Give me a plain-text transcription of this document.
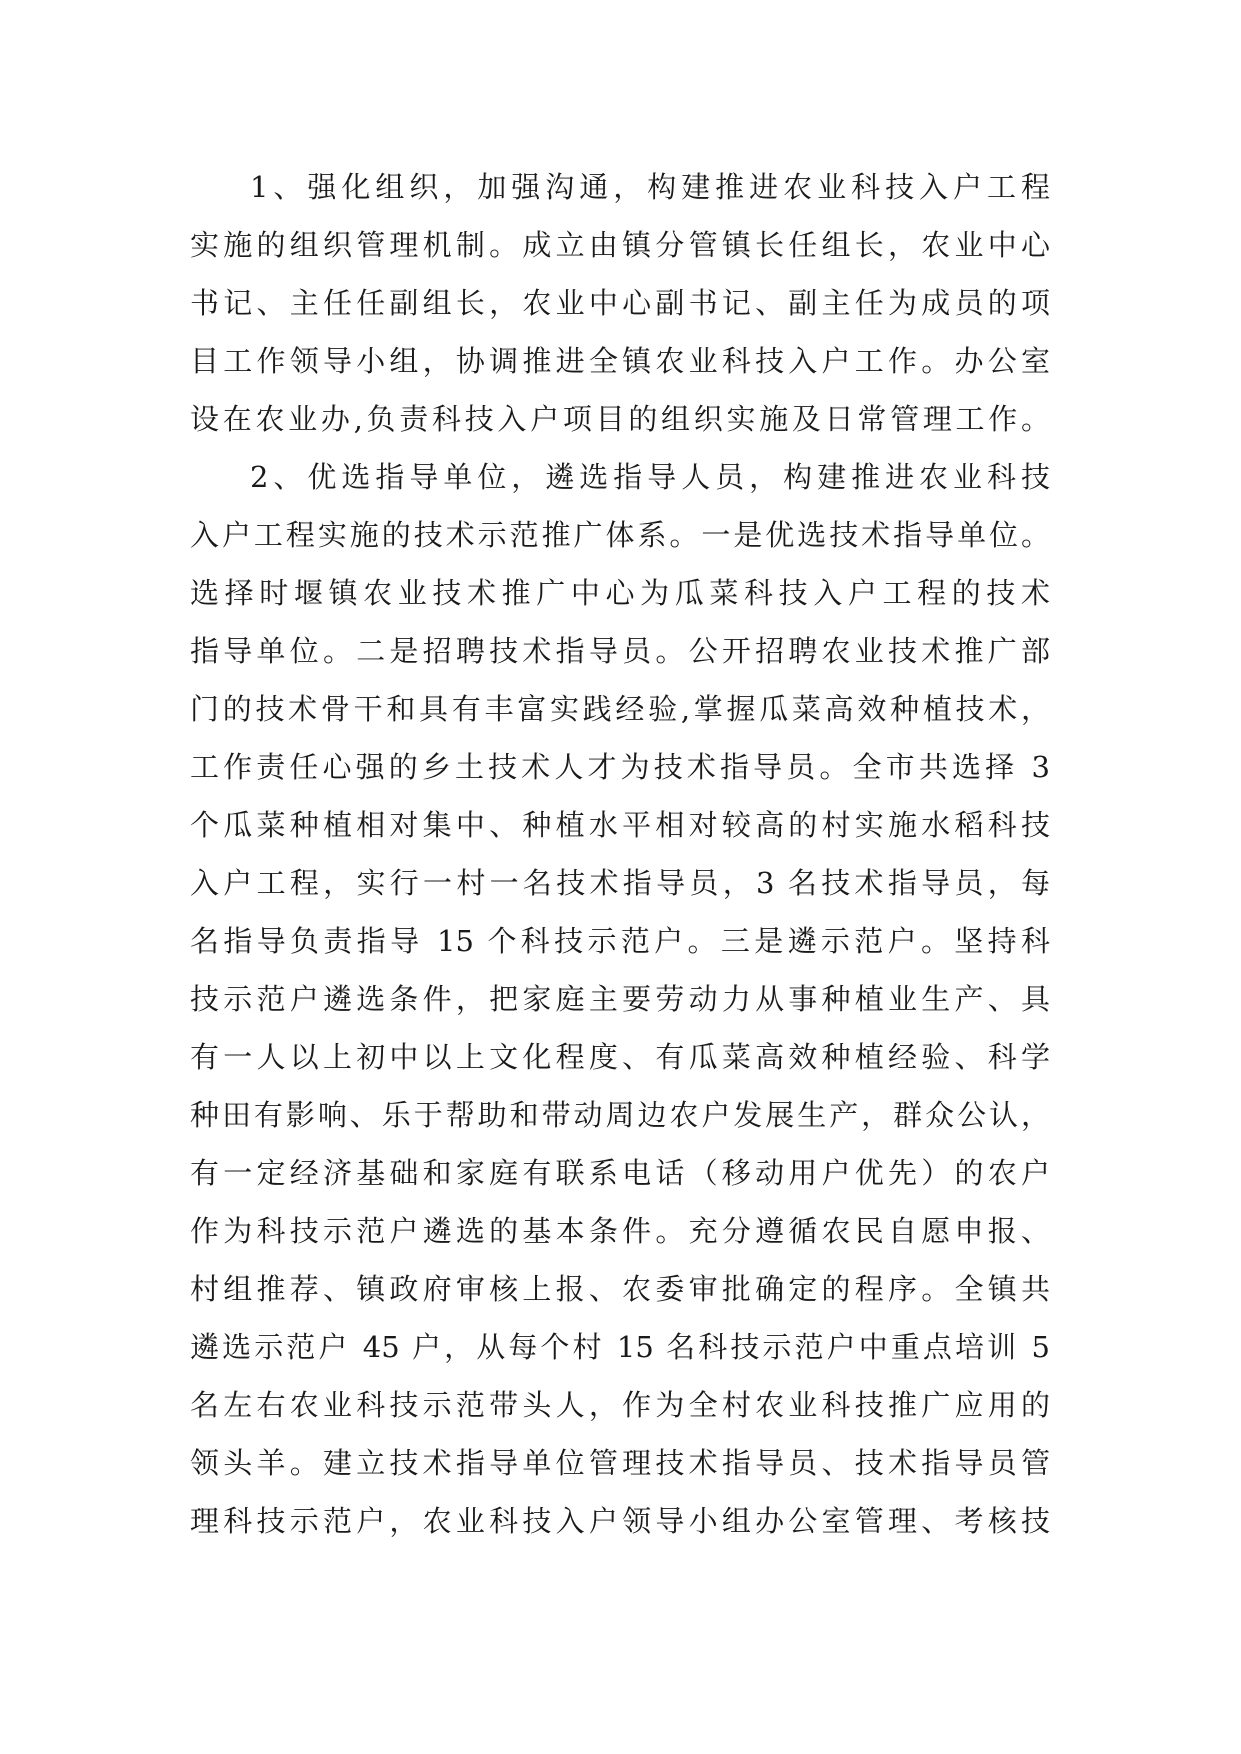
1、强化组织，加强沟通，构建推进农业科技入户工程
实施的组织管理机制。成立由镇分管镇长任组长，农业中心
书记、主任任副组长，农业中心副书记、副主任为成员的项
目工作领导小组，协调推进全镇农业科技入户工作。办公室
设在农业办,负责科技入户项目的组织实施及日常管理工作。
2、优选指导单位，遴选指导人员，构建推进农业科技
入户工程实施的技术示范推广体系。一是优选技术指导单位。
选择时堰镇农业技术推广中心为瓜菜科技入户工程的技术
指导单位。二是招聘技术指导员。公开招聘农业技术推广部
门的技术骨干和具有丰富实践经验,掌握瓜菜高效种植技术，
工作责任心强的乡土技术人才为技术指导员。全市共选择 3
个瓜菜种植相对集中、种植水平相对较高的村实施水稻科技
入户工程，实行一村一名技术指导员，3 名技术指导员，每
名指导负责指导 15 个科技示范户。三是遴示范户。坚持科
技示范户遴选条件，把家庭主要劳动力从事种植业生产、具
有一人以上初中以上文化程度、有瓜菜高效种植经验、科学
种田有影响、乐于帮助和带动周边农户发展生产，群众公认，
有一定经济基础和家庭有联系电话（移动用户优先）的农户
作为科技示范户遴选的基本条件。充分遵循农民自愿申报、
村组推荐、镇政府审核上报、农委审批确定的程序。全镇共
遴选示范户 45 户，从每个村 15 名科技示范户中重点培训 5
名左右农业科技示范带头人，作为全村农业科技推广应用的
领头羊。建立技术指导单位管理技术指导员、技术指导员管
理科技示范户，农业科技入户领导小组办公室管理、考核技
